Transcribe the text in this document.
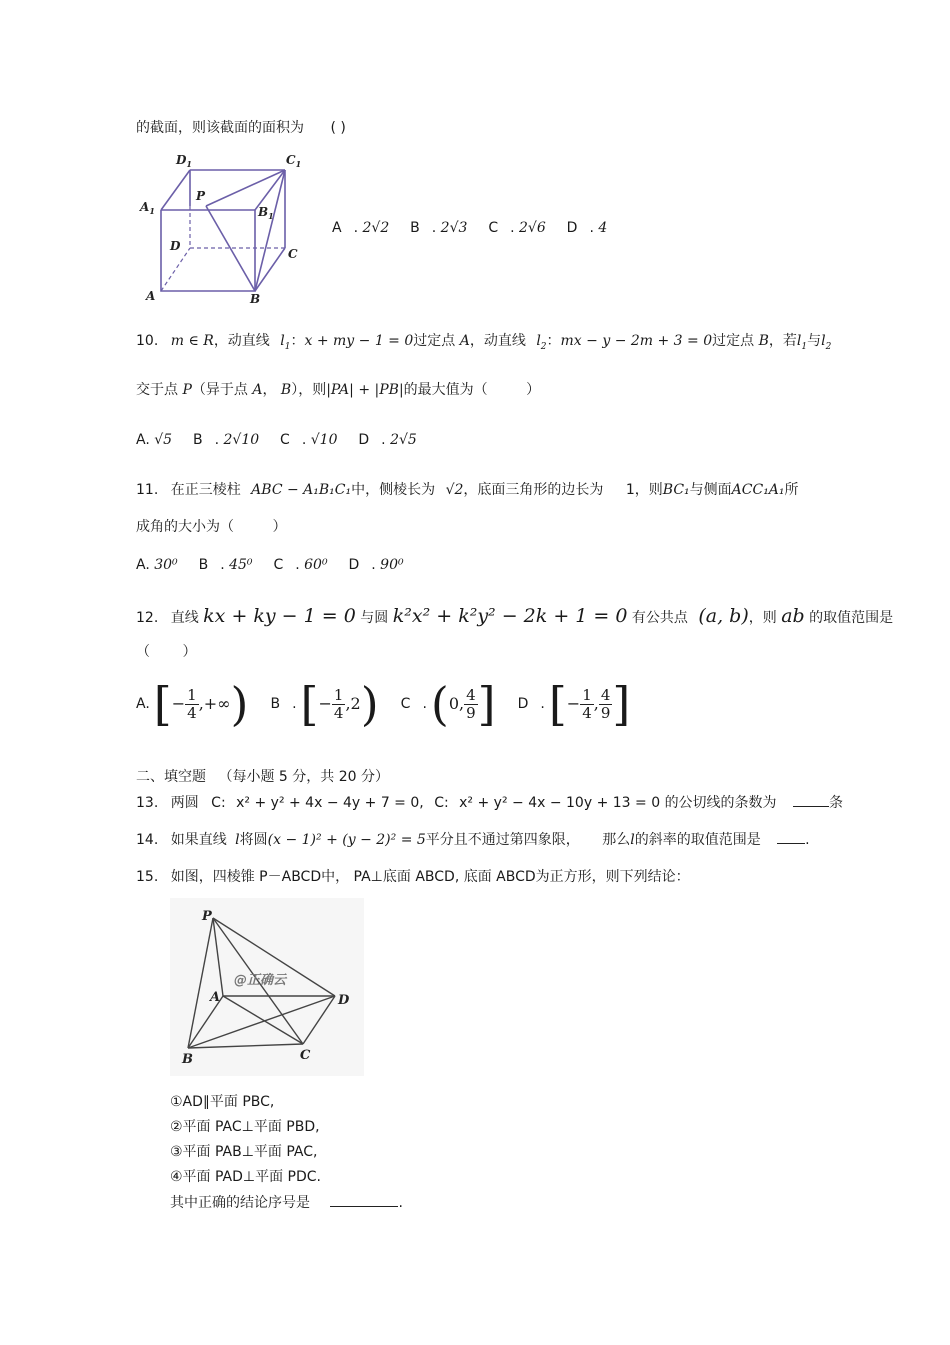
的截面，则该截面的面积为 ( )
$D_1$	$C_1$
$A_1$	$B_1$
P
D
C
A	B
A . 2√2 B . 2√3 C . 2√6 D . 4
10. m ∈ R，动直线 $l_1$：x + my − 1 = 0过定点 A，动直线 $l_2$：mx − y − 2m + 3 = 0过定点 B，若$l_1$与$l_2$
交于点 P（异于点 A， B），则|PA| + |PB|的最大值为（	）
A. √5 B . 2√10 C . √10 D . 2√5
11. 在正三棱柱 ABC − A₁B₁C₁中，侧棱长为 √2，底面三角形的边长为 1，则BC₁与侧面ACC₁A₁所
成角的大小为（	）
A. 30⁰ B . 45⁰ C . 60⁰ D . 90⁰
12. 直线 kx + ky − 1 = 0 与圆 k²x² + k²y² − 2k + 1 = 0 有公共点 (a, b)，则 ab 的取值范围是
（ ）
A. [ − $\frac{1}{4}$ ,+∞ ) B . [ − $\frac{1}{4} ,2$ ) C . ( 0, $\frac{4}{9}$ ] D . [ − $\frac{1}{4}$ , $\frac{4}{9}$ ]
二、填空题 （每小题 5 分，共 20 分）
13. 两圆 C: x² + y² + 4x − 4y + 7 = 0, C: x² + y² − 4x − 10y + 13 = 0 的公切线的条数为	条
14. 如果直线 l将圆(x − 1)² + (y − 2)² = 5平分且不通过第四象限， 那么l的斜率的取值范围是	.
15. 如图，四棱锥 P－ABCD中， PA⊥底面 ABCD, 底面 ABCD为正方形，则下列结论：
P
A	D
B	C
@正确云
①AD∥平面 PBC,
②平面 PAC⊥平面 PBD,
③平面 PAB⊥平面 PAC,
④平面 PAD⊥平面 PDC.
其中正确的结论序号是	.
